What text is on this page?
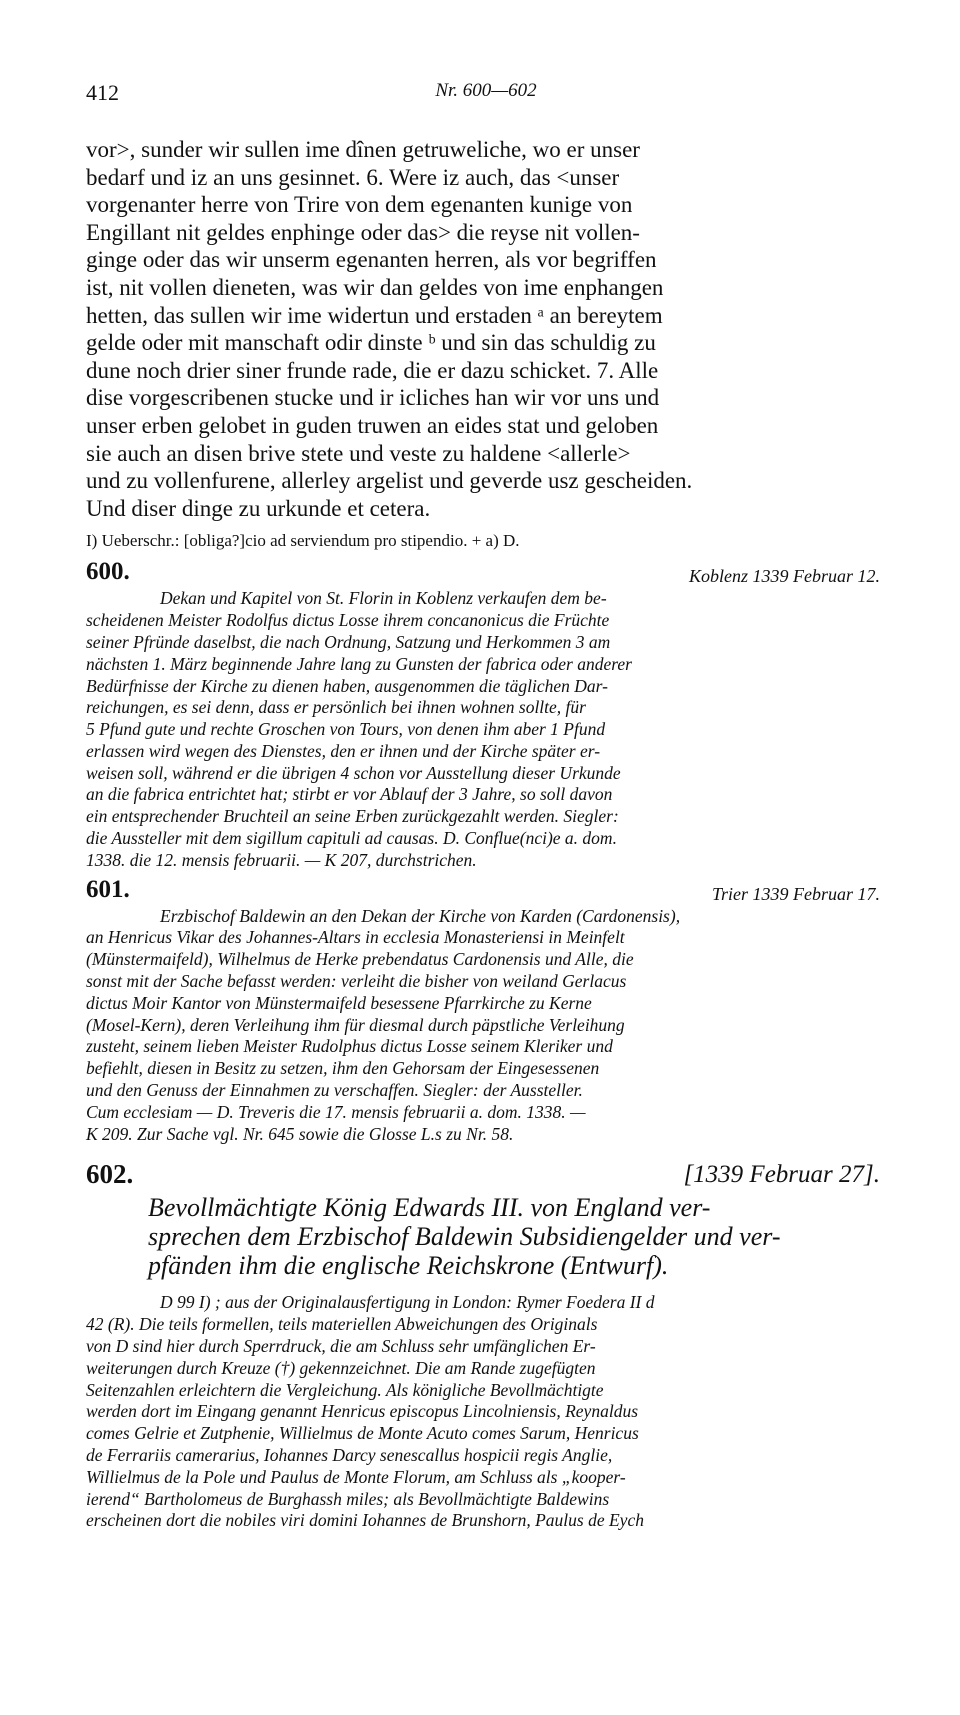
412	Nr. 600—602
vor>, sunder wir sullen ime dînen getruweliche, wo er unser
bedarf und iz an uns gesinnet. 6. Were iz auch, das <unser
vorgenanter herre von Trire von dem egenanten kunige von
Engillant nit geldes enphinge oder das> die reyse nit vollen-
ginge oder das wir unserm egenanten herren, als vor begriffen
ist, nit vollen dieneten, was wir dan geldes von ime enphangen
hetten, das sullen wir ime widertun und erstaden ᵃ an bereytem
gelde oder mit manschaft odir dinste ᵇ und sin das schuldig zu
dune noch drier siner frunde rade, die er dazu schicket. 7. Alle
dise vorgescribenen stucke und ir icliches han wir vor uns und
unser erben gelobet in guden truwen an eides stat und geloben
sie auch an disen brive stete und veste zu haldene <allerle>
und zu vollenfurene, allerley argelist und geverde usz gescheiden.
Und diser dinge zu urkunde et cetera.
I) Ueberschr.: [obliga?]cio ad serviendum pro stipendio. + a) D.
600.	Koblenz 1339 Februar 12.
Dekan und Kapitel von St. Florin in Koblenz verkaufen dem be-
scheidenen Meister Rodolfus dictus Losse ihrem concanonicus die Früchte
seiner Pfründe daselbst, die nach Ordnung, Satzung und Herkommen 3 am
nächsten 1. März beginnende Jahre lang zu Gunsten der fabrica oder anderer
Bedürfnisse der Kirche zu dienen haben, ausgenommen die täglichen Dar-
reichungen, es sei denn, dass er persönlich bei ihnen wohnen sollte, für
5 Pfund gute und rechte Groschen von Tours, von denen ihm aber 1 Pfund
erlassen wird wegen des Dienstes, den er ihnen und der Kirche später er-
weisen soll, während er die übrigen 4 schon vor Ausstellung dieser Urkunde
an die fabrica entrichtet hat; stirbt er vor Ablauf der 3 Jahre, so soll davon
ein entsprechender Bruchteil an seine Erben zurückgezahlt werden. Siegler:
die Aussteller mit dem sigillum capituli ad causas. D. Conflue(nci)e a. dom.
1338. die 12. mensis februarii. — K 207, durchstrichen.
601.	Trier 1339 Februar 17.
Erzbischof Baldewin an den Dekan der Kirche von Karden (Cardonensis),
an Henricus Vikar des Johannes-Altars in ecclesia Monasteriensi in Meinfelt
(Münstermaifeld), Wilhelmus de Herke prebendatus Cardonensis und Alle, die
sonst mit der Sache befasst werden: verleiht die bisher von weiland Gerlacus
dictus Moir Kantor von Münstermaifeld besessene Pfarrkirche zu Kerne
(Mosel-Kern), deren Verleihung ihm für diesmal durch päpstliche Verleihung
zusteht, seinem lieben Meister Rudolphus dictus Losse seinem Kleriker und
befiehlt, diesen in Besitz zu setzen, ihm den Gehorsam der Eingesessenen
und den Genuss der Einnahmen zu verschaffen. Siegler: der Aussteller.
Cum ecclesiam — D. Treveris die 17. mensis februarii a. dom. 1338. —
K 209. Zur Sache vgl. Nr. 645 sowie die Glosse L.s zu Nr. 58.
602.	[1339 Februar 27].
Bevollmächtigte König Edwards III. von England ver-
sprechen dem Erzbischof Baldewin Subsidiengelder und ver-
pfänden ihm die englische Reichskrone (Entwurf).
D 99 I) ; aus der Originalausfertigung in London: Rymer Foedera II d
42 (R). Die teils formellen, teils materiellen Abweichungen des Originals
von D sind hier durch Sperrdruck, die am Schluss sehr umfänglichen Er-
weiterungen durch Kreuze (†) gekennzeichnet. Die am Rande zugefügten
Seitenzahlen erleichtern die Vergleichung. Als königliche Bevollmächtigte
werden dort im Eingang genannt Henricus episcopus Lincolniensis, Reynaldus
comes Gelrie et Zutphenie, Willielmus de Monte Acuto comes Sarum, Henricus
de Ferrariis camerarius, Iohannes Darcy senescallus hospicii regis Anglie,
Willielmus de la Pole und Paulus de Monte Florum, am Schluss als „kooper-
ierend“ Bartholomeus de Burghassh miles; als Bevollmächtigte Baldewins
erscheinen dort die nobiles viri domini Iohannes de Brunshorn, Paulus de Eych
